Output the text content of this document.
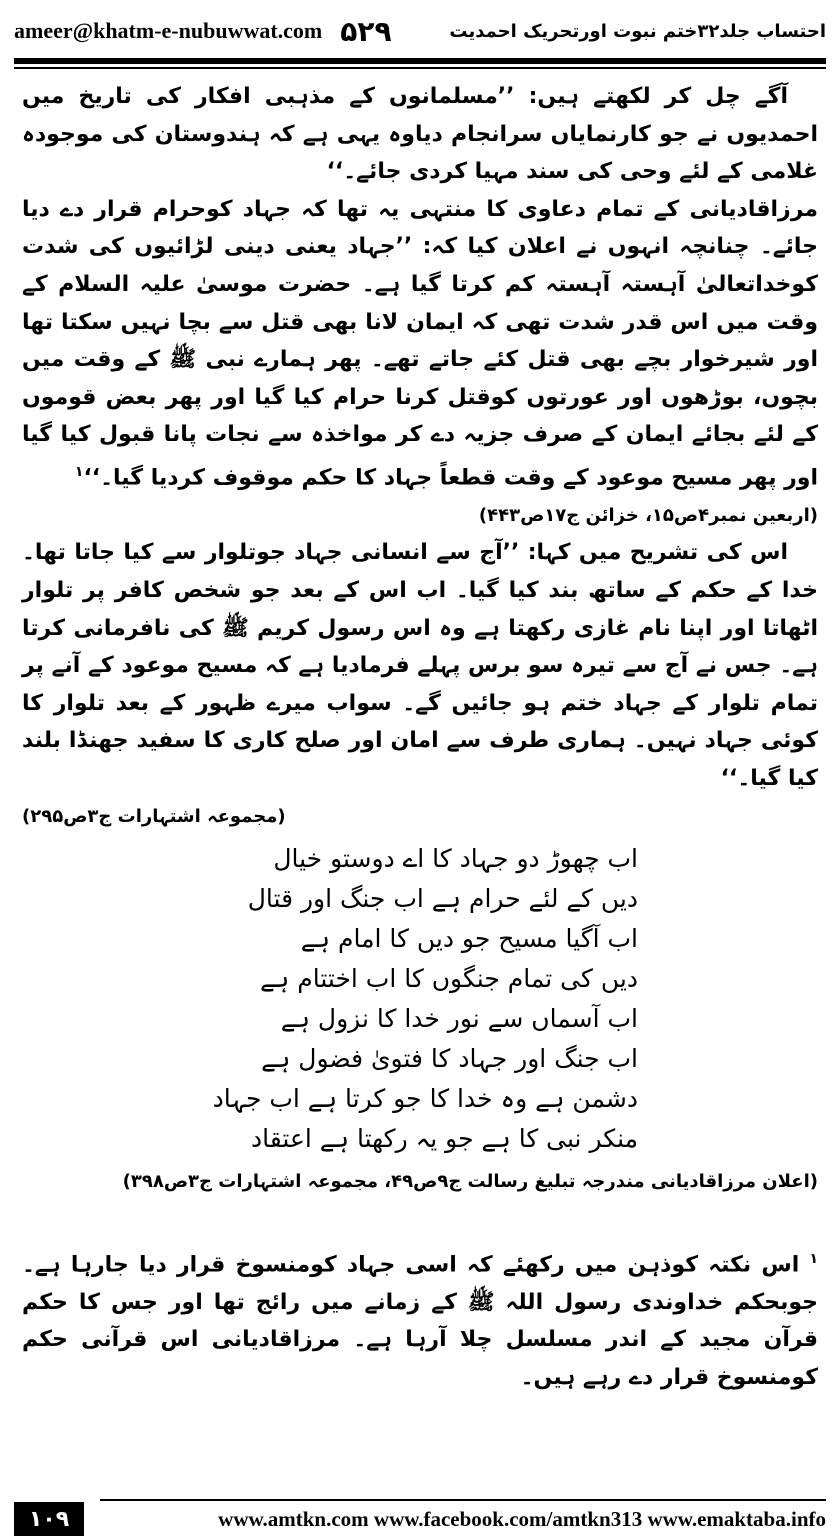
ameer@khatm-e-nubuwwat.com ۵۲۹	احتساب جلد۳۲ختم نبوت اورتحریک احمدیت

آگے چل کر لکھتے ہیں: ’’مسلمانوں کے مذہبی افکار کی تاریخ میں احمدیوں نے جو کارنمایاں سرانجام دیاوہ یہی ہے کہ ہندوستان کی موجودہ غلامی کے لئے وحی کی سند مہیا کردی جائے۔‘‘

مرزاقادیانی کے تمام دعاوی کا منتہی یہ تھا کہ جہاد کوحرام قرار دے دیا جائے۔ چنانچہ انہوں نے اعلان کیا کہ: ’’جہاد یعنی دینی لڑائیوں کی شدت کوخداتعالیٰ آہستہ آہستہ کم کرتا گیا ہے۔ حضرت موسیٰ علیہ السلام کے وقت میں اس قدر شدت تھی کہ ایمان لانا بھی قتل سے بچا نہیں سکتا تھا اور شیرخوار بچے بھی قتل کئے جاتے تھے۔ پھر ہمارے نبی ﷺ کے وقت میں بچوں، بوڑھوں اور عورتوں کوقتل کرنا حرام کیا گیا اور پھر بعض قوموں کے لئے بجائے ایمان کے صرف جزیہ دے کر مواخذہ سے نجات پانا قبول کیا گیا اور پھر مسیح موعود کے وقت قطعاً جہاد کا حکم موقوف کردیا گیا۔‘‘$^۱$

(اربعین نمبر۴ص۱۵، خزائن ج۱۷ص۴۴۳)

اس کی تشریح میں کہا: ’’آج سے انسانی جہاد جوتلوار سے کیا جاتا تھا۔ خدا کے حکم کے ساتھ بند کیا گیا۔ اب اس کے بعد جو شخص کافر پر تلوار اٹھاتا اور اپنا نام غازی رکھتا ہے وہ اس رسول کریم ﷺ کی نافرمانی کرتا ہے۔ جس نے آج سے تیرہ سو برس پہلے فرمادیا ہے کہ مسیح موعود کے آنے پر تمام تلوار کے جہاد ختم ہو جائیں گے۔ سواب میرے ظہور کے بعد تلوار کا کوئی جہاد نہیں۔ ہماری طرف سے امان اور صلح کاری کا سفید جھنڈا بلند کیا گیا۔‘‘

(مجموعہ اشتہارات ج۳ص۲۹۵)

اب چھوڑ دو جہاد کا اے دوستو خیال
دیں کے لئے حرام ہے اب جنگ اور قتال
اب آگیا مسیح جو دیں کا امام ہے
دیں کی تمام جنگوں کا اب اختتام ہے
اب آسماں سے نور خدا کا نزول ہے
اب جنگ اور جہاد کا فتویٰ فضول ہے
دشمن ہے وہ خدا کا جو کرتا ہے اب جہاد
منکر نبی کا ہے جو یہ رکھتا ہے اعتقاد

(اعلان مرزاقادیانی مندرجہ تبلیغ رسالت ج۹ص۴۹، مجموعہ اشتہارات ج۳ص۳۹۸)

$^۱$ اس نکتہ کوذہن میں رکھئے کہ اسی جہاد کومنسوخ قرار دیا جارہا ہے۔ جوبحکم خداوندی رسول اللہ ﷺ کے زمانے میں رائج تھا اور جس کا حکم قرآن مجید کے اندر مسلسل چلا آرہا ہے۔ مرزاقادیانی اس قرآنی حکم کومنسوخ قرار دے رہے ہیں۔

۱۰۹	www.amtkn.com www.facebook.com/amtkn313 www.emaktaba.info
